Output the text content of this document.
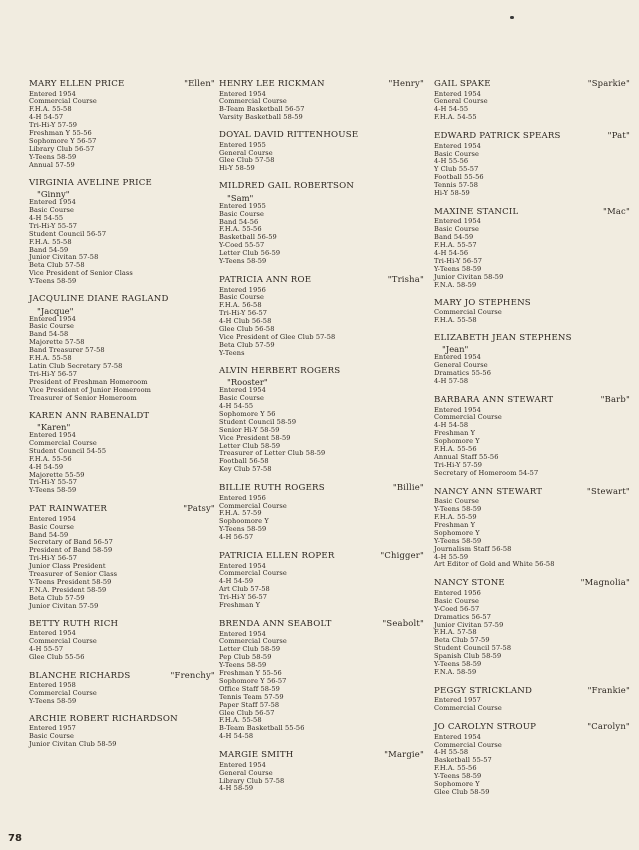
MARY ELLEN PRICE	"Ellen"
Entered 1954
Commercial Course
F.H.A. 55-58
4-H 54-57
Tri-Hi-Y 57-59
Freshman Y 55-56
Sophomore Y 56-57
Library Club 56-57
Y-Teens 58-59
Annual 57-59
VIRGINIA AVELINE PRICE
"Ginny"
Entered 1954
Basic Course
4-H 54-55
Tri-Hi-Y 55-57
Student Council 56-57
F.H.A. 55-58
Band 54-59
Junior Civitan 57-58
Beta Club 57-58
Vice President of Senior Class
Y-Teens 58-59
JACQULINE DIANE RAGLAND
"Jacque"
Entered 1954
Basic Course
Band 54-58
Majorette 57-58
Band Treasurer 57-58
F.H.A. 55-58
Latin Club Secretary 57-58
Tri-Hi-Y 56-57
President of Freshman Homeroom
Vice President of Junior Homeroom
Treasurer of Senior Homeroom
KAREN ANN RABENALDT
"Karen"
Entered 1954
Commercial Course
Student Council 54-55
F.H.A. 55-56
4-H 54-59
Majorette 55-59
Tri-Hi-Y 55-57
Y-Teens 58-59
PAT RAINWATER	"Patsy"
Entered 1954
Basic Course
Band 54-59
Secretary of Band 56-57
President of Band 58-59
Tri-Hi-Y 56-57
Junior Class President
Treasurer of Senior Class
Y-Teens President 58-59
F.N.A. President 58-59
Beta Club 57-59
Junior Civitan 57-59
BETTY RUTH RICH
Entered 1954
Commercial Course
4-H 55-57
Glee Club 55-56
BLANCHE RICHARDS	"Frenchy"
Entered 1958
Commercial Course
Y-Teens 58-59
ARCHIE ROBERT RICHARDSON
Entered 1957
Basic Course
Junior Civitan Club 58-59
HENRY LEE RICKMAN	"Henry"
Entered 1954
Commercial Course
B-Team Basketball 56-57
Varsity Basketball 58-59
DOYAL DAVID RITTENHOUSE
Entered 1955
General Course
Glee Club 57-58
Hi-Y 58-59
MILDRED GAIL ROBERTSON
"Sam"
Entered 1955
Basic Course
Band 54-56
F.H.A. 55-56
Basketball 56-59
Y-Coed 55-57
Letter Club 56-59
Y-Teens 58-59
PATRICIA ANN ROE	"Trisha"
Entered 1956
Basic Course
F.H.A. 56-58
Tri-Hi-Y 56-57
4-H Club 56-58
Glee Club 56-58
Vice President of Glee Club 57-58
Beta Club 57-59
Y-Teens
ALVIN HERBERT ROGERS
"Rooster"
Entered 1954
Basic Course
4-H 54-55
Sophomore Y 56
Student Council 58-59
Senior Hi-Y 58-59
Vice President 58-59
Letter Club 58-59
Treasurer of Letter Club 58-59
Football 56-58
Key Club 57-58
BILLIE RUTH ROGERS	"Billie"
Entered 1956
Commercial Course
F.H.A. 57-59
Sophoomore Y
Y-Teens 58-59
4-H 56-57
PATRICIA ELLEN ROPER	"Chigger"
Entered 1954
Commercial Course
4-H 54-59
Art Club 57-58
Tri-Hi-Y 56-57
Freshman Y
BRENDA ANN SEABOLT	"Seabolt"
Entered 1954
Commercial Course
Letter Club 58-59
Pep Club 58-59
Y-Teens 58-59
Freshman Y 55-56
Sophomore Y 56-57
Office Staff 58-59
Tennis Team 57-59
Paper Staff 57-58
Glee Club 56-57
F.H.A. 55-58
B-Team Basketball 55-56
4-H 54-58
MARGIE SMITH	"Margie"
Entered 1954
General Course
Library Club 57-58
4-H 58-59
GAIL SPAKE	"Sparkie"
Entered 1954
General Course
4-H 54-55
F.H.A. 54-55
EDWARD PATRICK SPEARS	"Pat"
Entered 1954
Basic Course
4-H 55-56
Y Club 55-57
Football 55-56
Tennis 57-58
Hi-Y 58-59
MAXINE STANCIL	"Mac"
Entered 1954
Basic Course
Band 54-59
F.H.A. 55-57
4-H 54-56
Tri-Hi-Y 56-57
Y-Teens 58-59
Junior Civitan 58-59
F.N.A. 58-59
MARY JO STEPHENS
Commercial Course
F.H.A. 55-58
ELIZABETH JEAN STEPHENS
"Jean"
Entered 1954
General Course
Dramatics 55-56
4-H 57-58
BARBARA ANN STEWART	"Barb"
Entered 1954
Commercial Course
4-H 54-58
Freshman Y
Sophomore Y
F.H.A. 55-56
Annual Staff 55-56
Tri-Hi-Y 57-59
Secretary of Homeroom 54-57
NANCY ANN STEWART	"Stewart"
Basic Course
Y-Teens 58-59
F.H.A. 55-59
Freshman Y
Sophomore Y
Y-Teens 58-59
Journalism Staff 56-58
4-H 55-59
Art Editor of Gold and White 56-58
NANCY STONE	"Magnolia"
Entered 1956
Basic Course
Y-Coed 56-57
Dramatics 56-57
Junior Civitan 57-59
F.H.A. 57-58
Beta Club 57-59
Student Council 57-58
Spanish Club 58-59
Y-Teens 58-59
F.N.A. 58-59
PEGGY STRICKLAND	"Frankie"
Entered 1957
Commercial Course
JO CAROLYN STROUP	"Carolyn"
Entered 1954
Commercial Course
4-H 55-58
Basketball 55-57
F.H.A. 55-56
Y-Teens 58-59
Sophomore Y
Glee Club 58-59
78
